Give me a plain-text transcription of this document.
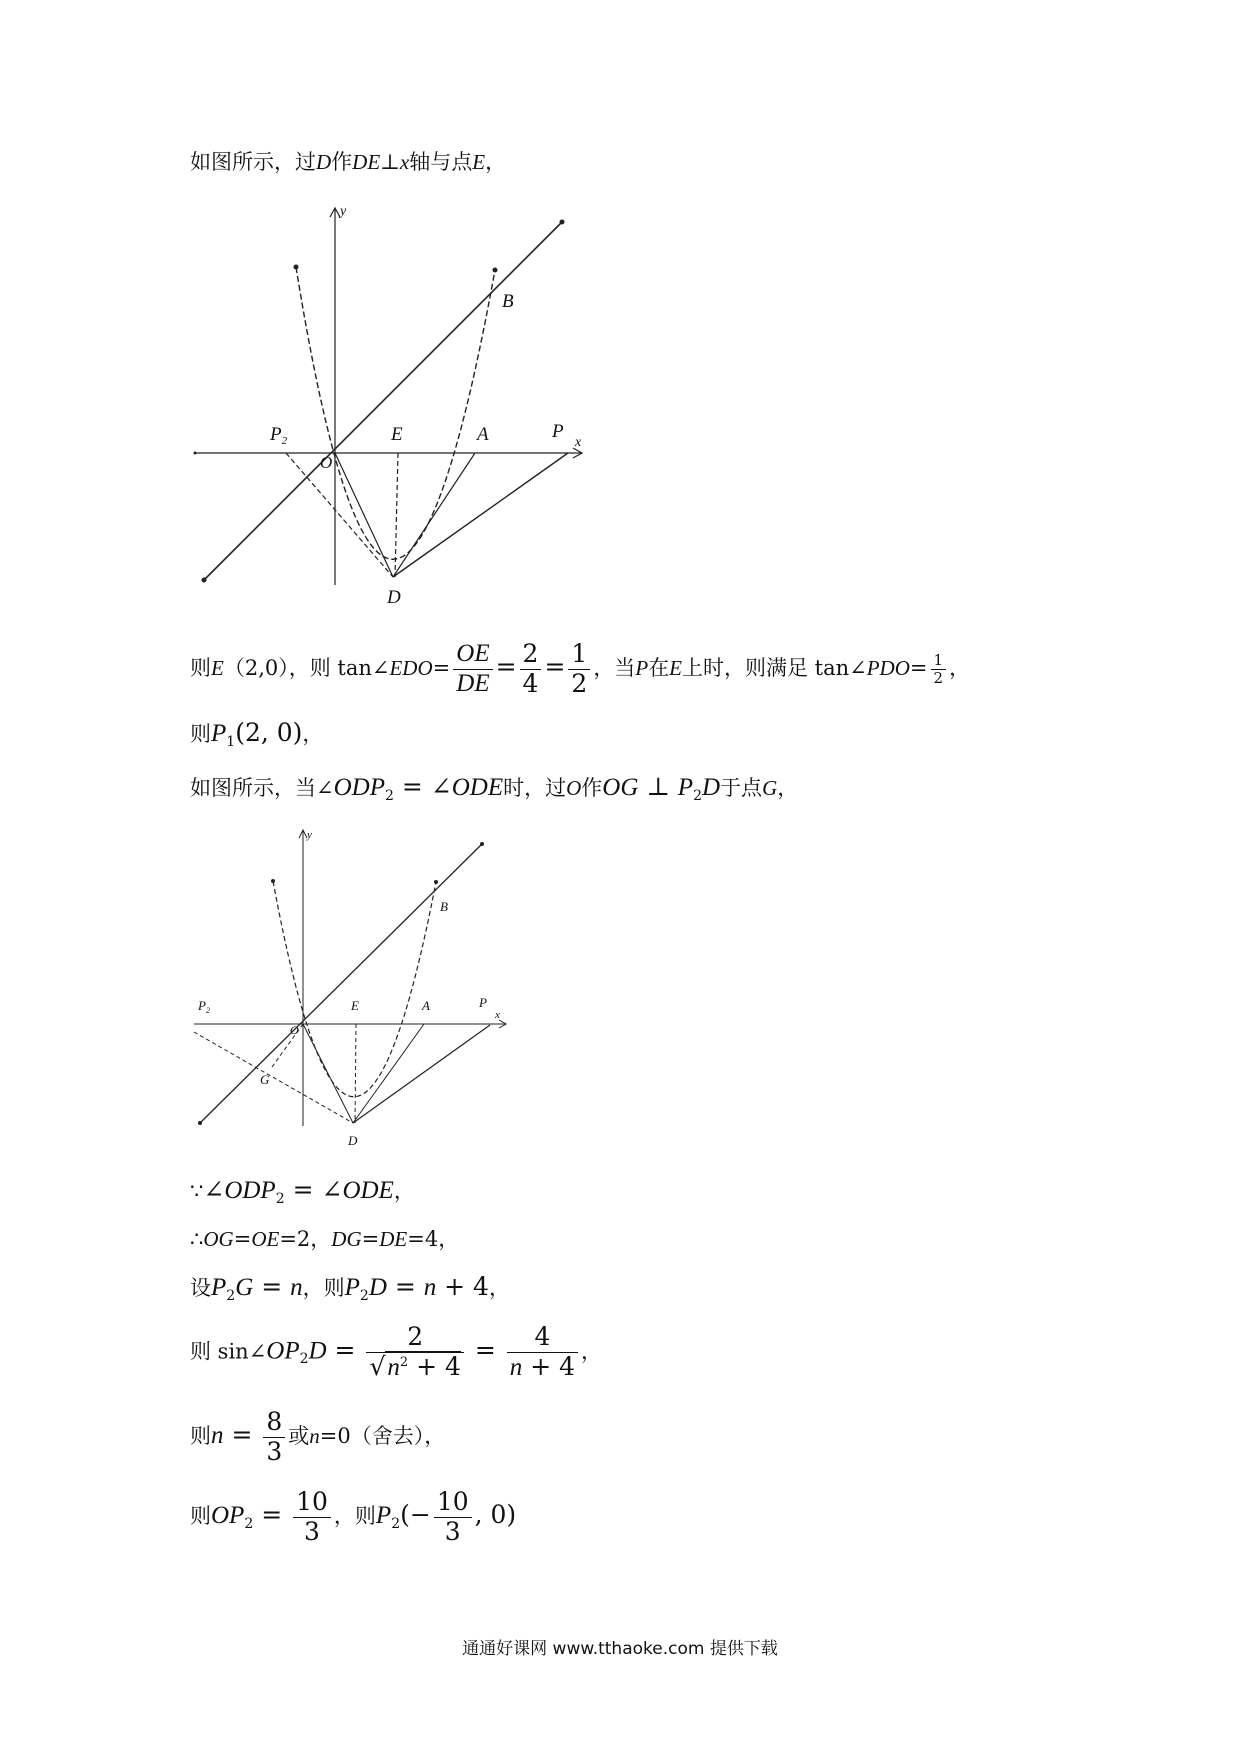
如图所示，过D作DE⊥x轴与点E，
y
x
B
$P_2$
O
E	A	P
D
则E（2,0），则 tan∠EDO= $\frac{OE}{DE} = \frac{2}{4} = \frac{1}{2}$ ，当P在E上时，则满足 tan∠PDO= $\frac{1}{2}$ ，
则$P_1(2$, 0)，
如图所示，当$\angle ODP_2$ = ∠ODE时，过O作OG ⊥ $P_2D$于点G，
y
x
B
$P_2$
O
E	A	P
G
D
$\because\angle ODP_2$ = ∠ODE，
∴OG=OE=2，DG=DE=4，
设$P_2G = n$，则$P_2D = n + 4$，
则 $\sin\angle OP_2D = \frac{2}{√n^2 + 4} = \frac{4}{n + 4}$ ，
则$n = \frac{8}{3}$ 或n=0（舍去），
则$OP_2 = \frac{10}{3}$ ，则$P_2(- \frac{10}{3}$ , 0)
通通好课网 www.tthaoke.com 提供下载
